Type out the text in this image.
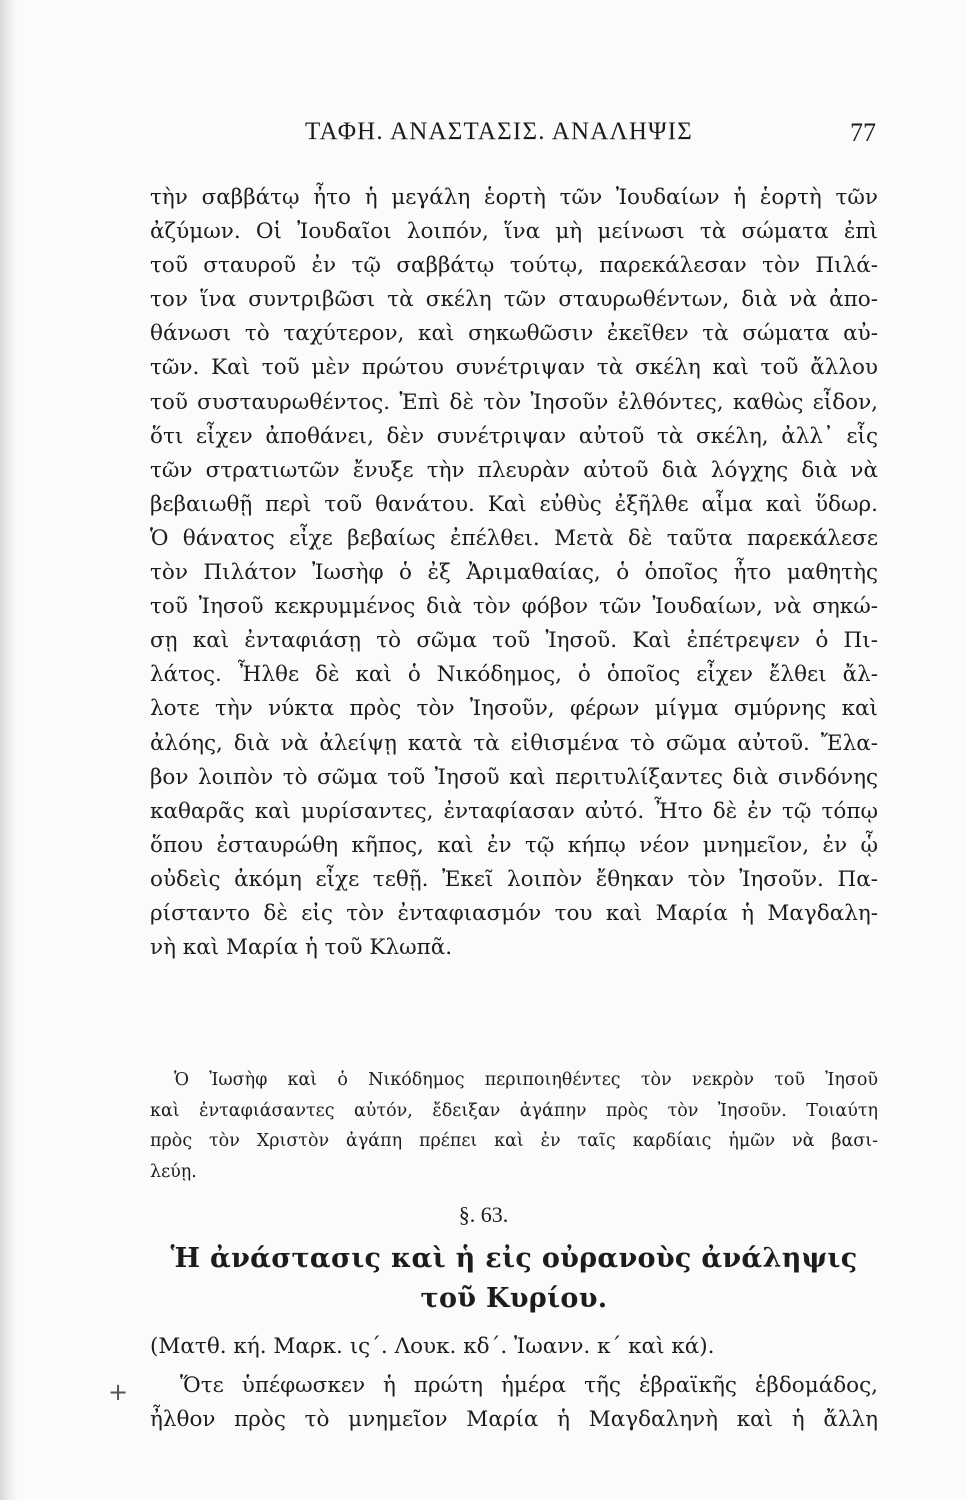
ΤΑΦΗ. ΑΝΑΣΤΑΣΙΣ. ΑΝΑΛΗΨΙΣ	77
τὴν σαββάτῳ ἦτο ἡ μεγάλη ἑορτὴ τῶν Ἰουδαίων ἡ ἑορτὴ τῶν
ἀζύμων. Οἱ Ἰουδαῖοι λοιπόν, ἵνα μὴ μείνωσι τὰ σώματα ἐπὶ
τοῦ σταυροῦ ἐν τῷ σαββάτῳ τούτῳ, παρεκάλεσαν τὸν Πιλά-
τον ἵνα συντριβῶσι τὰ σκέλη τῶν σταυρωθέντων, διὰ νὰ ἀπο-
θάνωσι τὸ ταχύτερον, καὶ σηκωθῶσιν ἐκεῖθεν τὰ σώματα αὐ-
τῶν. Καὶ τοῦ μὲν πρώτου συνέτριψαν τὰ σκέλη καὶ τοῦ ἄλλου
τοῦ συσταυρωθέντος. Ἐπὶ δὲ τὸν Ἰησοῦν ἐλθόντες, καθὼς εἶδον,
ὅτι εἶχεν ἀποθάνει, δὲν συνέτριψαν αὐτοῦ τὰ σκέλη, ἀλλ᾽ εἷς
τῶν στρατιωτῶν ἔνυξε τὴν πλευρὰν αὐτοῦ διὰ λόγχης διὰ νὰ
βεβαιωθῇ περὶ τοῦ θανάτου. Καὶ εὐθὺς ἐξῆλθε αἷμα καὶ ὕδωρ.
Ὁ θάνατος εἶχε βεβαίως ἐπέλθει. Μετὰ δὲ ταῦτα παρεκάλεσε
τὸν Πιλάτον Ἰωσὴφ ὁ ἐξ Ἀριμαθαίας, ὁ ὁποῖος ἦτο μαθητὴς
τοῦ Ἰησοῦ κεκρυμμένος διὰ τὸν φόβον τῶν Ἰουδαίων, νὰ σηκώ-
σῃ καὶ ἐνταφιάσῃ τὸ σῶμα τοῦ Ἰησοῦ. Καὶ ἐπέτρεψεν ὁ Πι-
λάτος. Ἦλθε δὲ καὶ ὁ Νικόδημος, ὁ ὁποῖος εἶχεν ἔλθει ἄλ-
λοτε τὴν νύκτα πρὸς τὸν Ἰησοῦν, φέρων μίγμα σμύρνης καὶ
ἀλόης, διὰ νὰ ἀλείψῃ κατὰ τὰ εἰθισμένα τὸ σῶμα αὐτοῦ. Ἔλα-
βον λοιπὸν τὸ σῶμα τοῦ Ἰησοῦ καὶ περιτυλίξαντες διὰ σινδόνης
καθαρᾶς καὶ μυρίσαντες, ἐνταφίασαν αὐτό. Ἦτο δὲ ἐν τῷ τόπῳ
ὅπου ἐσταυρώθη κῆπος, καὶ ἐν τῷ κήπῳ νέον μνημεῖον, ἐν ᾧ
οὐδεὶς ἀκόμη εἶχε τεθῇ. Ἐκεῖ λοιπὸν ἔθηκαν τὸν Ἰησοῦν. Πα-
ρίσταντο δὲ εἰς τὸν ἐνταφιασμόν του καὶ Μαρία ἡ Μαγδαλη-
νὴ καὶ Μαρία ἡ τοῦ Κλωπᾶ.
Ὁ Ἰωσὴφ καὶ ὁ Νικόδημος περιποιηθέντες τὸν νεκρὸν τοῦ Ἰησοῦ
καὶ ἐνταφιάσαντες αὐτόν, ἔδειξαν ἀγάπην πρὸς τὸν Ἰησοῦν. Τοιαύτη
πρὸς τὸν Χριστὸν ἀγάπη πρέπει καὶ ἐν ταῖς καρδίαις ἡμῶν νὰ βασι-
λεύῃ.
§. 63.
Ἡ ἀνάστασις καὶ ἡ εἰς οὐρανοὺς ἀνάληψις
τοῦ Κυρίου.
(Ματθ. κή. Μαρκ. ις΄. Λουκ. κδ΄. Ἰωανν. κ΄ καὶ κά).
+	Ὅτε ὑπέφωσκεν ἡ πρώτη ἡμέρα τῆς ἑβραϊκῆς ἑβδομάδος,
ἦλθον πρὸς τὸ μνημεῖον Μαρία ἡ Μαγδαληνὴ καὶ ἡ ἄλλη
